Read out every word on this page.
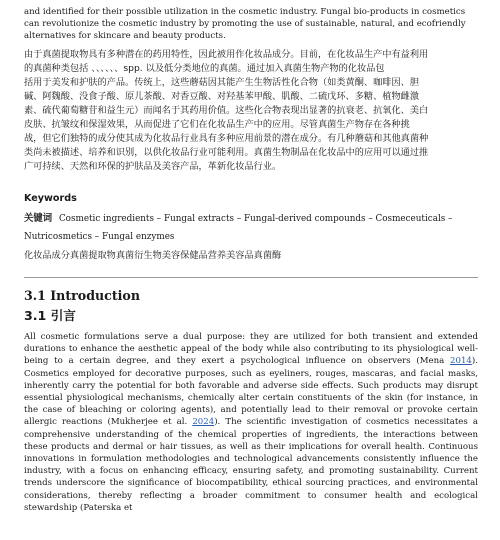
and identified for their possible utilization in the cosmetic industry. Fungal bio-products in cosmetics

can revolutionize the cosmetic industry by promoting the use of sustainable, natural, and ecofriendly

alternatives for skincare and beauty products.

由于真菌提取物具有多种潜在的药用特性，因此被用作化妆品成分。目前，在化妆品生产中有益利用

的真菌种类包括 、、、、、、spp. 以及低分类地位的真菌。通过加入真菌生物产物的化妆品包

括用于美发和护肤的产品。传统上，这些蘑菇因其能产生生物活性化合物（如类黄酮、咖啡因、胆

碱、阿魏酸、没食子酸、原儿茶酸、对香豆酸、对羟基苯甲酸、肌酸、二硫戊环、多糖、植物雌激

素、硫代葡萄糖苷和益生元）而闻名于其药用价值。这些化合物表现出显著的抗衰老、抗氧化、美白

皮肤、抗皱纹和保湿效果，从而促进了它们在化妆品生产中的应用。尽管真菌生产物存在各种挑

战，但它们独特的成分使其成为化妆品行业具有多种应用前景的潜在成分。有几种蘑菇和其他真菌种

类尚未被描述、培养和识别，以供化妆品行业可能利用。真菌生物制品在化妆品中的应用可以通过推

广可持续、天然和环保的护肤品及美容产品，革新化妆品行业。

Keywords
关键词 Cosmetic ingredients – Fungal extracts – Fungal-derived compounds – Cosmeceuticals –
Nutricosmetics – Fungal enzymes
化妆品成分真菌提取物真菌衍生物美容保健品营养美容品真菌酶
3.1 Introduction
3.1 引言

All cosmetic formulations serve a dual purpose: they are utilized for both transient and extended durations to enhance the aesthetic appeal of the body while also contributing to its physiological well-being to a certain degree, and they exert a psychological influence on observers (Mena 2014). Cosmetics employed for decorative purposes, such as eyeliners, rouges, mascaras, and facial masks, inherently carry the potential for both favorable and adverse side effects. Such products may disrupt essential physiological mechanisms, chemically alter certain constituents of the skin (for instance, in the case of bleaching or coloring agents), and potentially lead to their removal or provoke certain allergic reactions (Mukherjee et al. 2024). The scientific investigation of cosmetics necessitates a comprehensive understanding of the chemical properties of ingredients, the interactions between these products and dermal or hair tissues, as well as their implications for overall health. Continuous innovations in formulation methodologies and technological advancements consistently influence the industry, with a focus on enhancing efficacy, ensuring safety, and promoting sustainability. Current trends underscore the significance of biocompatibility, ethical sourcing practices, and environmental considerations, thereby reflecting a broader commitment to consumer health and ecological stewardship (Paterska et
